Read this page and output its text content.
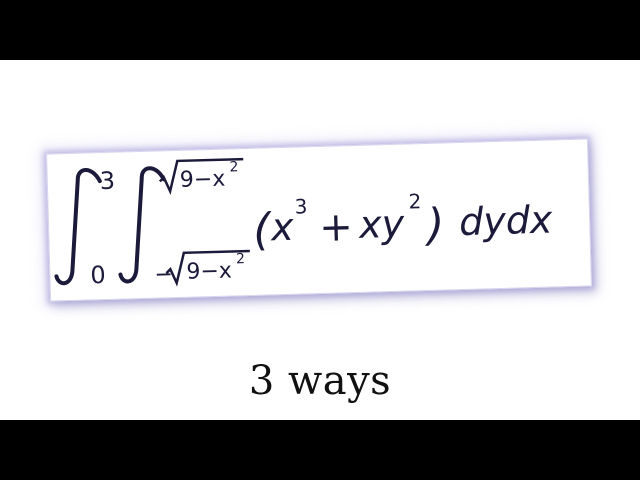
3
0
9−x 2
− 9−x 2
( x 3 + xy
2 ) dydx
3 ways
